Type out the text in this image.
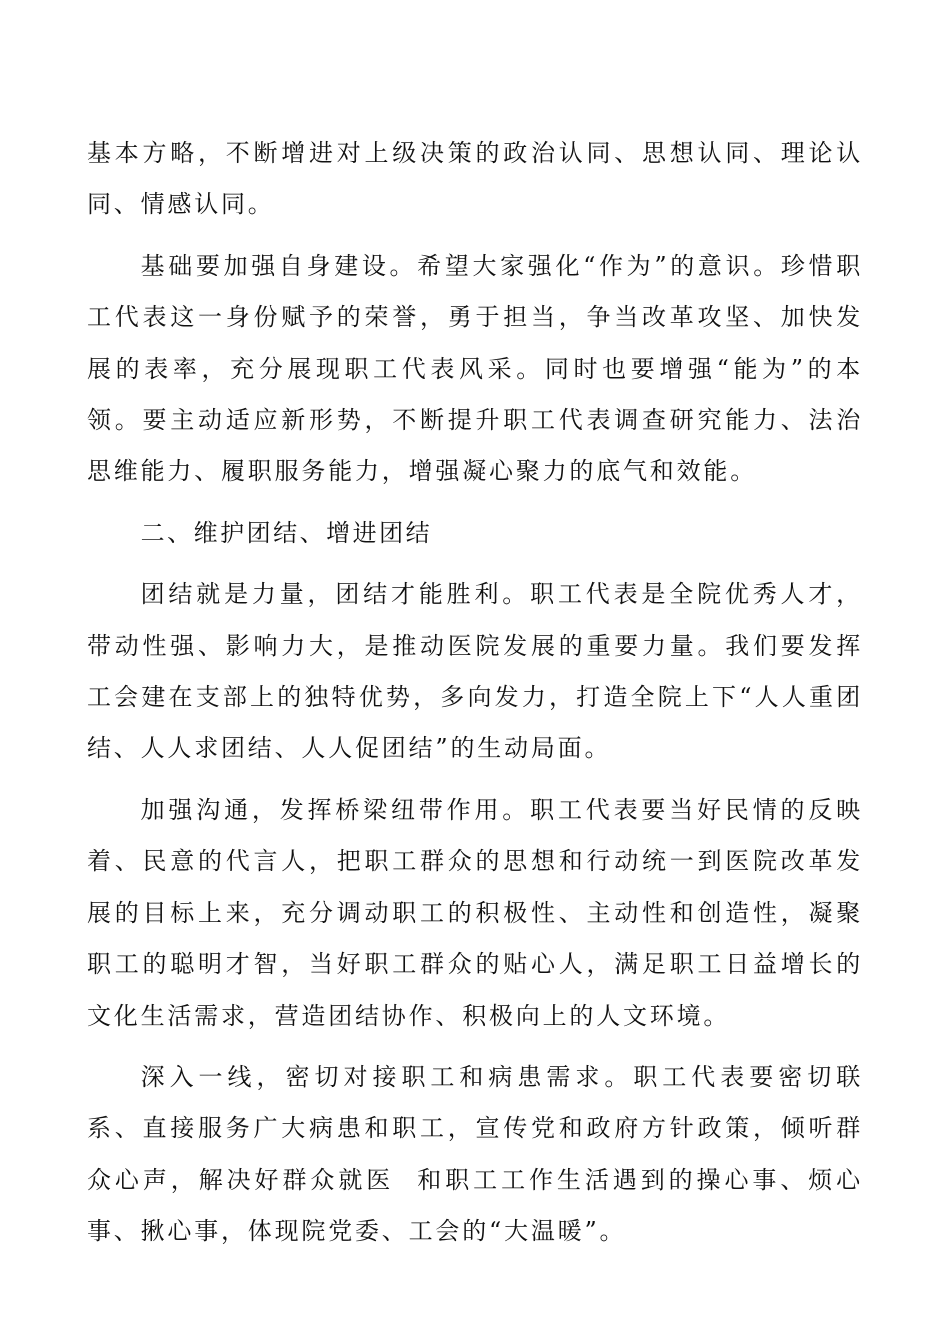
基本方略，不断增进对上级决策的政治认同、思想认同、理论认同、情感认同。

基础要加强自身建设。希望大家强化“作为”的意识。珍惜职工代表这一身份赋予的荣誉，勇于担当，争当改革攻坚、加快发展的表率，充分展现职工代表风采。同时也要增强“能为”的本领。要主动适应新形势，不断提升职工代表调查研究能力、法治思维能力、履职服务能力，增强凝心聚力的底气和效能。

二、维护团结、增进团结

团结就是力量，团结才能胜利。职工代表是全院优秀人才，带动性强、影响力大，是推动医院发展的重要力量。我们要发挥工会建在支部上的独特优势，多向发力，打造全院上下“人人重团结、人人求团结、人人促团结”的生动局面。

加强沟通，发挥桥梁纽带作用。职工代表要当好民情的反映着、民意的代言人，把职工群众的思想和行动统一到医院改革发展的目标上来，充分调动职工的积极性、主动性和创造性，凝聚职工的聪明才智，当好职工群众的贴心人，满足职工日益增长的文化生活需求，营造团结协作、积极向上的人文环境。

深入一线，密切对接职工和病患需求。职工代表要密切联系、直接服务广大病患和职工，宣传党和政府方针政策，倾听群众心声，解决好群众就医  和职工工作生活遇到的操心事、烦心事、揪心事，体现院党委、工会的“大温暖”。
